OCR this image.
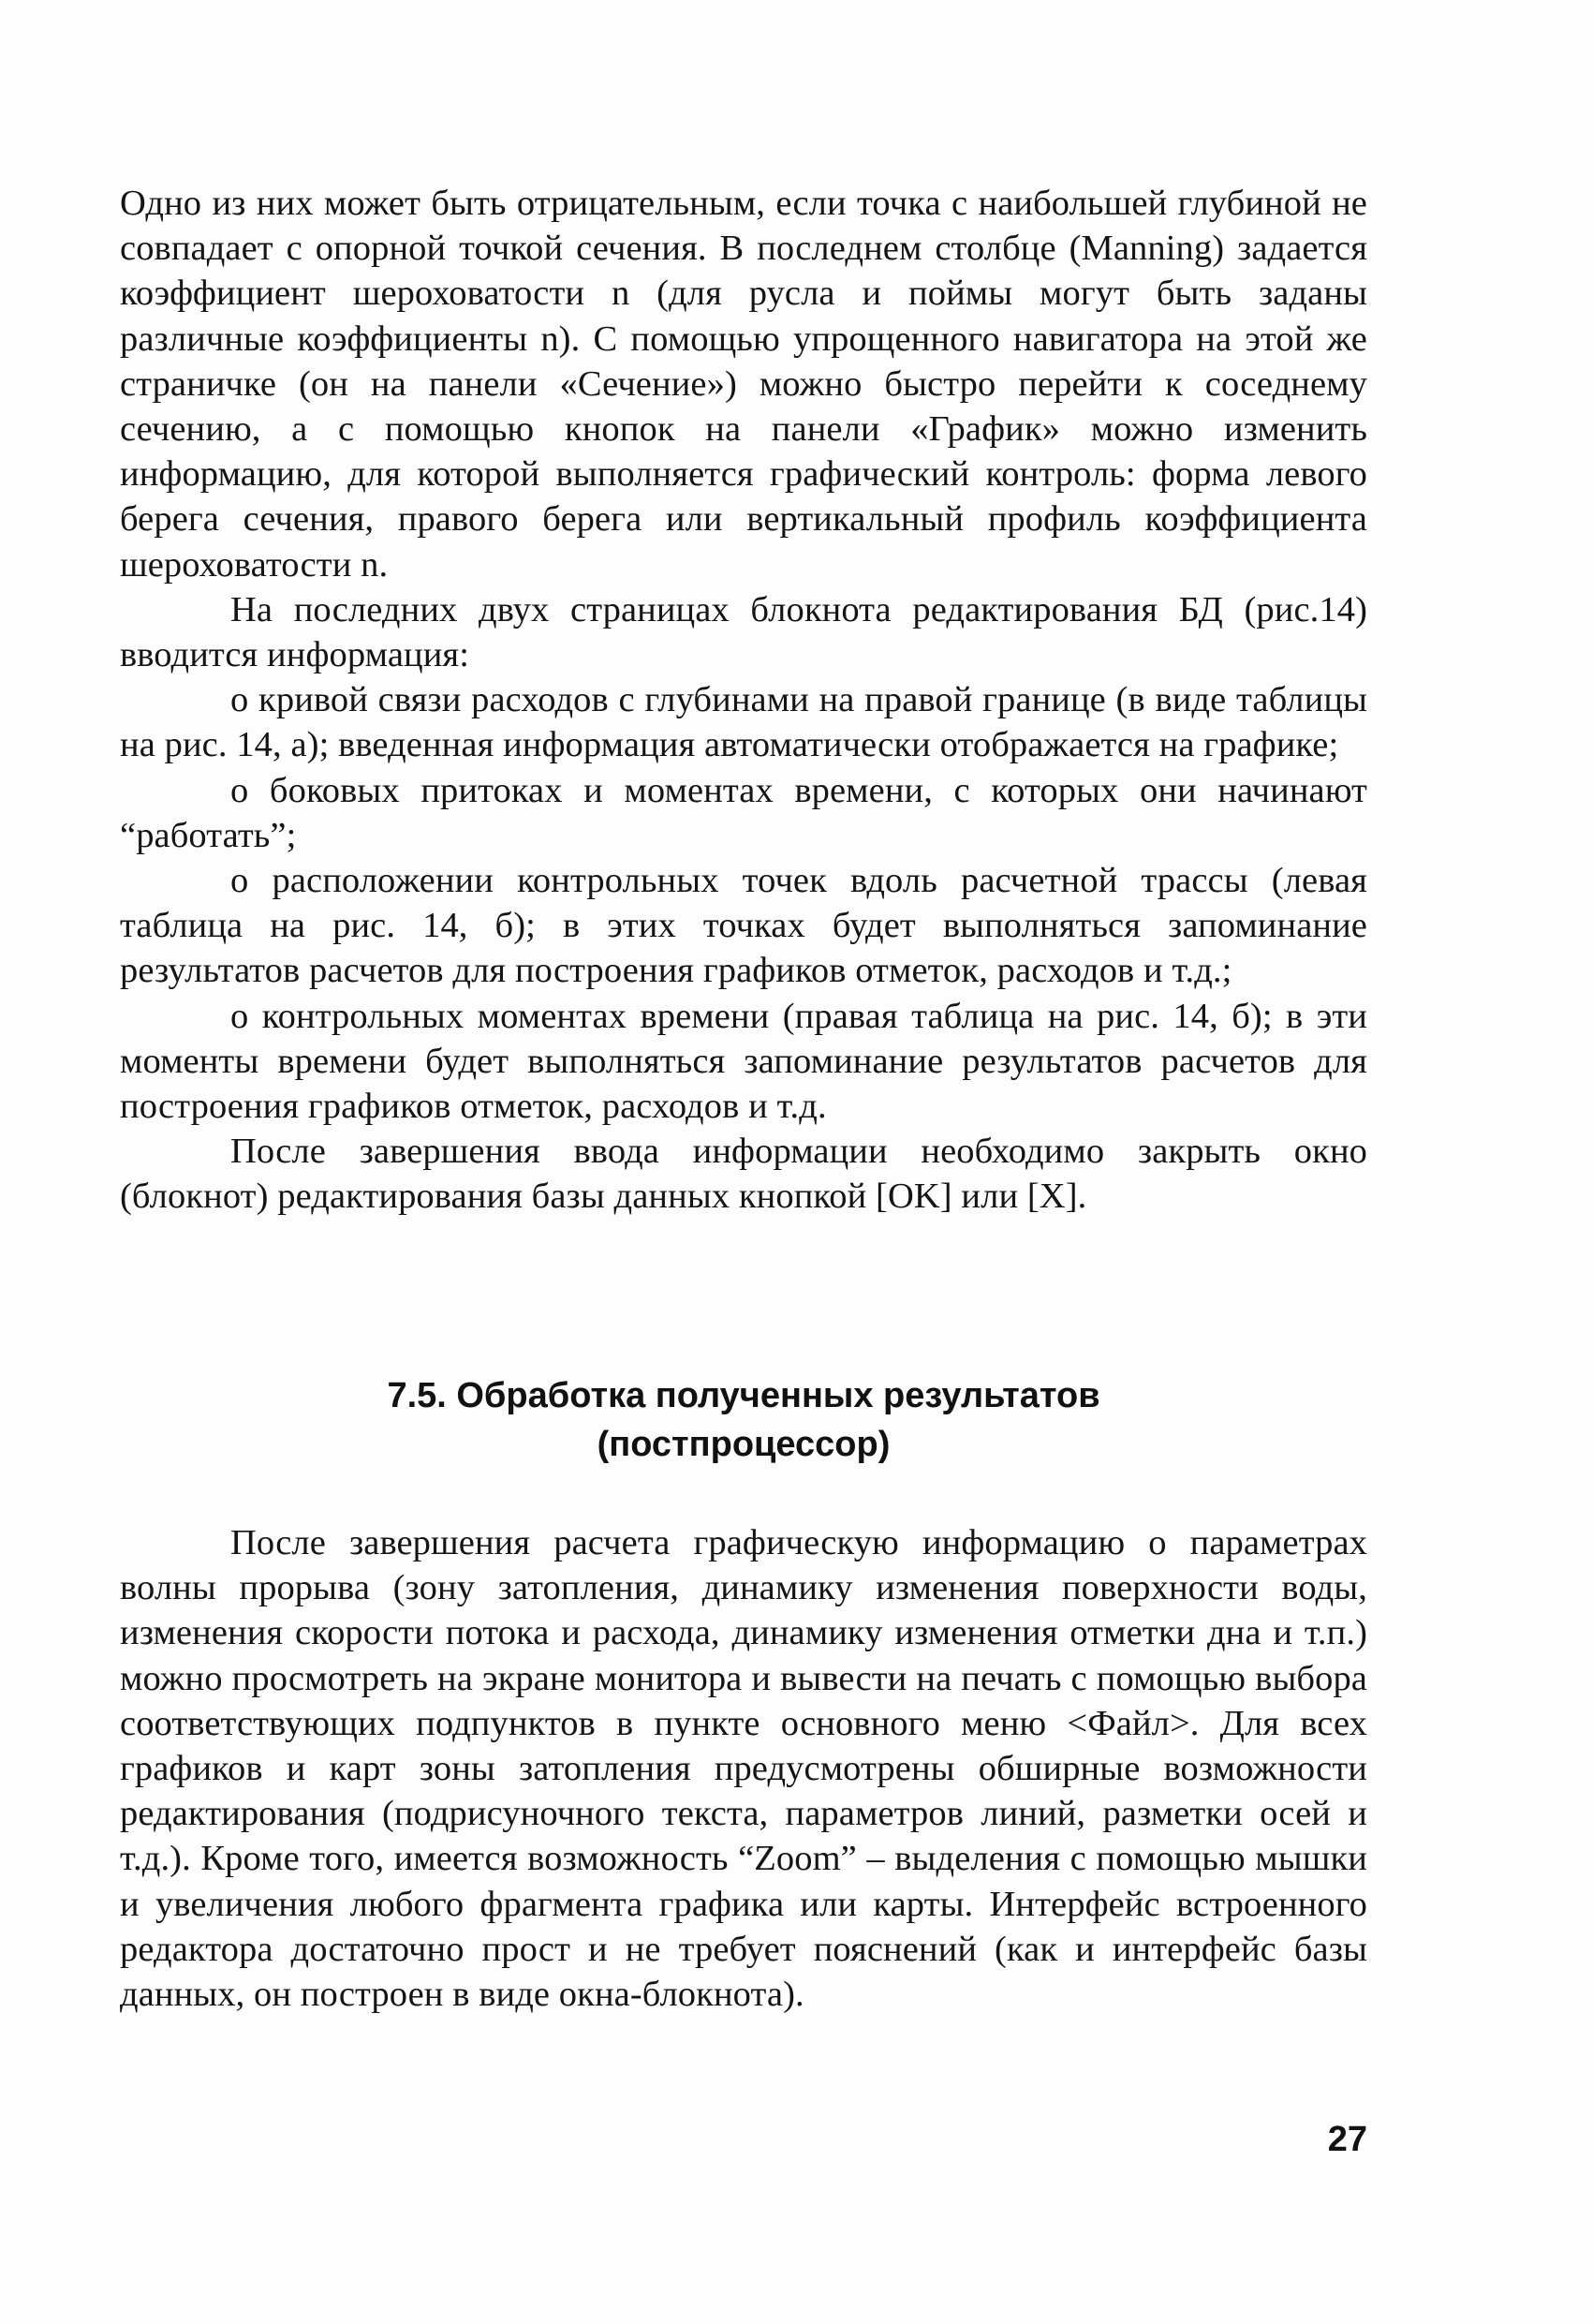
Одно из них может быть отрицательным, если точка с наибольшей глубиной не совпадает с опорной точкой сечения. В последнем столбце (Manning) задается коэффициент шероховатости n (для русла и поймы могут быть заданы различные коэффициенты n). С помощью упрощенного навигатора на этой же страничке (он на панели «Сечение») можно быстро перейти к соседнему сечению, а с помощью кнопок на панели «График» можно изменить информацию, для которой выполняется графический контроль: форма левого берега сечения, правого берега или вертикальный профиль коэффициента шероховатости n.

На последних двух страницах блокнота редактирования БД (рис.14) вводится информация:

о кривой связи расходов с глубинами на правой границе (в виде таблицы на рис. 14, а); введенная информация автоматически отображается на графике;

о боковых притоках и моментах времени, с которых они начинают “работать”;

о расположении контрольных точек вдоль расчетной трассы (левая таблица на рис. 14, б); в этих точках будет выполняться запоминание результатов расчетов для построения графиков отметок, расходов и т.д.;

о контрольных моментах времени (правая таблица на рис. 14, б); в эти моменты времени будет выполняться запоминание результатов расчетов для построения графиков отметок, расходов и т.д.

После завершения ввода информации необходимо закрыть окно (блокнот) редактирования базы данных кнопкой [OK] или [X].

7.5. Обработка полученных результатов
(постпроцессор)

После завершения расчета графическую информацию о параметрах волны прорыва (зону затопления, динамику изменения поверхности воды, изменения скорости потока и расхода, динамику изменения отметки дна и т.п.) можно просмотреть на экране монитора и вывести на печать с помощью выбора соответствующих подпунктов в пункте основного меню <Файл>. Для всех графиков и карт зоны затопления предусмотрены обширные возможности редактирования (подрисуночного текста, параметров линий, разметки осей и т.д.). Кроме того, имеется возможность “Zoom” – выделения с помощью мышки и увеличения любого фрагмента графика или карты. Интерфейс встроенного редактора достаточно прост и не требует пояснений (как и интерфейс базы данных, он построен в виде окна-блокнота).

27
